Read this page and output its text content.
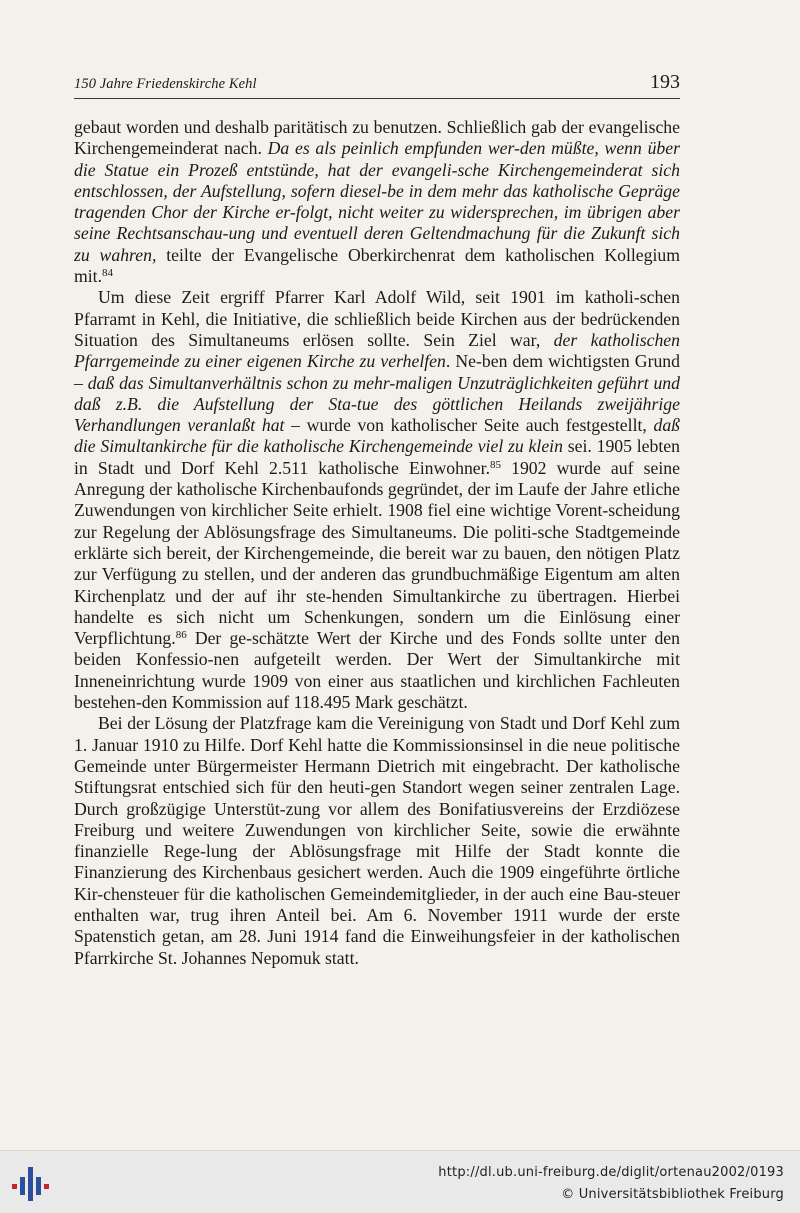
150 Jahre Friedenskirche Kehl	193

gebaut worden und deshalb paritätisch zu benutzen. Schließlich gab der evangelische Kirchengemeinderat nach. Da es als peinlich empfunden wer-den müßte, wenn über die Statue ein Prozeß entstünde, hat der evangeli-sche Kirchengemeinderat sich entschlossen, der Aufstellung, sofern diesel-be in dem mehr das katholische Gepräge tragenden Chor der Kirche er-folgt, nicht weiter zu widersprechen, im übrigen aber seine Rechtsanschau-ung und eventuell deren Geltendmachung für die Zukunft sich zu wahren, teilte der Evangelische Oberkirchenrat dem katholischen Kollegium mit.$^{84}$

Um diese Zeit ergriff Pfarrer Karl Adolf Wild, seit 1901 im katholi-schen Pfarramt in Kehl, die Initiative, die schließlich beide Kirchen aus der bedrückenden Situation des Simultaneums erlösen sollte. Sein Ziel war, der katholischen Pfarrgemeinde zu einer eigenen Kirche zu verhelfen. Ne-ben dem wichtigsten Grund – daß das Simultanverhältnis schon zu mehr-maligen Unzuträglichkeiten geführt und daß z.B. die Aufstellung der Sta-tue des göttlichen Heilands zweijährige Verhandlungen veranlaßt hat – wurde von katholischer Seite auch festgestellt, daß die Simultankirche für die katholische Kirchengemeinde viel zu klein sei. 1905 lebten in Stadt und Dorf Kehl 2.511 katholische Einwohner.$^{85}$ 1902 wurde auf seine Anregung der katholische Kirchenbaufonds gegründet, der im Laufe der Jahre etliche Zuwendungen von kirchlicher Seite erhielt. 1908 fiel eine wichtige Vorent-scheidung zur Regelung der Ablösungsfrage des Simultaneums. Die politi-sche Stadtgemeinde erklärte sich bereit, der Kirchengemeinde, die bereit war zu bauen, den nötigen Platz zur Verfügung zu stellen, und der anderen das grundbuchmäßige Eigentum am alten Kirchenplatz und der auf ihr ste-henden Simultankirche zu übertragen. Hierbei handelte es sich nicht um Schenkungen, sondern um die Einlösung einer Verpflichtung.$^{86}$ Der ge-schätzte Wert der Kirche und des Fonds sollte unter den beiden Konfessio-nen aufgeteilt werden. Der Wert der Simultankirche mit Inneneinrichtung wurde 1909 von einer aus staatlichen und kirchlichen Fachleuten bestehen-den Kommission auf 118.495 Mark geschätzt.

Bei der Lösung der Platzfrage kam die Vereinigung von Stadt und Dorf Kehl zum 1. Januar 1910 zu Hilfe. Dorf Kehl hatte die Kommissionsinsel in die neue politische Gemeinde unter Bürgermeister Hermann Dietrich mit eingebracht. Der katholische Stiftungsrat entschied sich für den heuti-gen Standort wegen seiner zentralen Lage. Durch großzügige Unterstüt-zung vor allem des Bonifatiusvereins der Erzdiözese Freiburg und weitere Zuwendungen von kirchlicher Seite, sowie die erwähnte finanzielle Rege-lung der Ablösungsfrage mit Hilfe der Stadt konnte die Finanzierung des Kirchenbaus gesichert werden. Auch die 1909 eingeführte örtliche Kir-chensteuer für die katholischen Gemeindemitglieder, in der auch eine Bau-steuer enthalten war, trug ihren Anteil bei. Am 6. November 1911 wurde der erste Spatenstich getan, am 28. Juni 1914 fand die Einweihungsfeier in der katholischen Pfarrkirche St. Johannes Nepomuk statt.

http://dl.ub.uni-freiburg.de/diglit/ortenau2002/0193
© Universitätsbibliothek Freiburg
